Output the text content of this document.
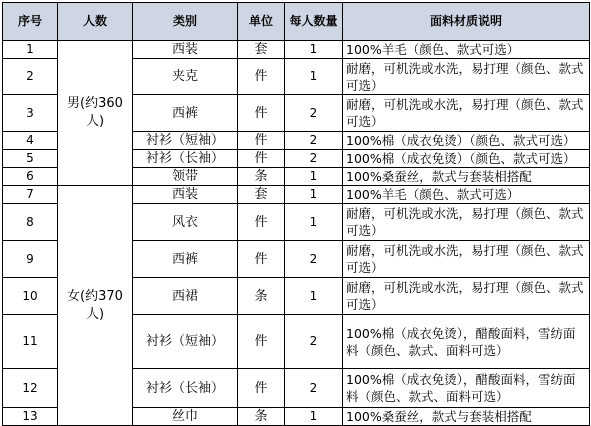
序号	人数	类别	单位	每人数量	面料材质说明
1	男(约360人)	西装	套	1	100%羊毛（颜色、款式可选）
2		夹克	件	1	耐磨，可机洗或水洗，易打理（颜色、款式可选）
3		西裤	件	2	耐磨，可机洗或水洗，易打理（颜色、款式可选）
4		衬衫（短袖）	件	2	100%棉（成衣免烫）（颜色、款式可选）
5		衬衫（长袖）	件	2	100%棉（成衣免烫）（颜色、款式可选）
6		领带	条	1	100%桑蚕丝，款式与套装相搭配
7	女(约370人)	西装	套	1	100%羊毛（颜色、款式可选）
8		风衣	件	1	耐磨，可机洗或水洗，易打理（颜色、款式可选）
9		西裤	件	2	耐磨，可机洗或水洗，易打理（颜色、款式可选）
10		西裙	条	1	耐磨，可机洗或水洗，易打理（颜色、款式可选）
11		衬衫（短袖）	件	2	100%棉（成衣免烫），醋酸面料，雪纺面料（颜色、款式、面料可选）
12		衬衫（长袖）	件	2	100%棉（成衣免烫），醋酸面料，雪纺面料（颜色、款式、面料可选）
13		丝巾	条	1	100%桑蚕丝，款式与套装相搭配
